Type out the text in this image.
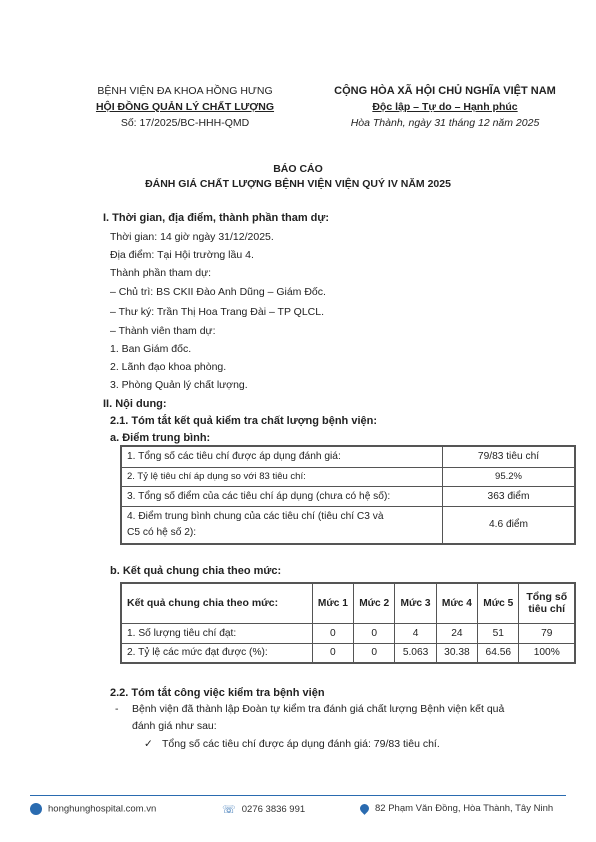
BỆNH VIỆN ĐA KHOA HỒNG HƯNG
HỘI ĐỒNG QUẢN LÝ CHẤT LƯỢNG
Số: 17/2025/BC-HHH-QMD
CỘNG HÒA XÃ HỘI CHỦ NGHĨA VIỆT NAM
Độc lập – Tự do – Hạnh phúc
Hòa Thành, ngày 31 tháng 12 năm 2025
BÁO CÁO
ĐÁNH GIÁ CHẤT LƯỢNG BỆNH VIỆN VIỆN QUÝ IV NĂM 2025
I. Thời gian, địa điểm, thành phần tham dự:
Thời gian: 14 giờ ngày 31/12/2025.
Địa điểm: Tại Hội trường lầu 4.
Thành phần tham dự:
– Chủ trì: BS CKII Đào Anh Dũng – Giám Đốc.
– Thư ký: Trần Thị Hoa Trang Đài – TP QLCL.
– Thành viên tham dự:
1. Ban Giám đốc.
2. Lãnh đạo khoa phòng.
3. Phòng Quản lý chất lượng.
II. Nội dung:
2.1. Tóm tắt kết quả kiểm tra chất lượng bệnh viện:
a. Điểm trung bình:
1. Tổng số các tiêu chí được áp dụng đánh giá:	79/83 tiêu chí
2. Tỷ lệ tiêu chí áp dụng so với 83 tiêu chí:	95.2%
3. Tổng số điểm của các tiêu chí áp dụng (chưa có hệ số):	363 điểm

4. Điểm trung bình chung của các tiêu chí (tiêu chí C3 và
C5 có hệ số 2):	4.6 điểm
b. Kết quả chung chia theo mức:
Kết quả chung chia theo mức:	Mức 1	Mức 2	Mức 3	Mức 4	Mức 5	Tổng số tiêu chí
1. Số lượng tiêu chí đạt:	0	0	4	24	51	79
2. Tỷ lệ các mức đạt được (%):	0	0	5.063	30.38	64.56	100%
2.2. Tóm tắt công việc kiểm tra bệnh viện
- Bệnh viện đã thành lập Đoàn tự kiểm tra đánh giá chất lượng Bệnh viện kết quả
đánh giá như sau:
✓ Tổng số các tiêu chí được áp dụng đánh giá: 79/83 tiêu chí.
honghunghospital.com.vn	☏ 0276 3836 991	82 Phạm Văn Đồng, Hòa Thành, Tây Ninh
